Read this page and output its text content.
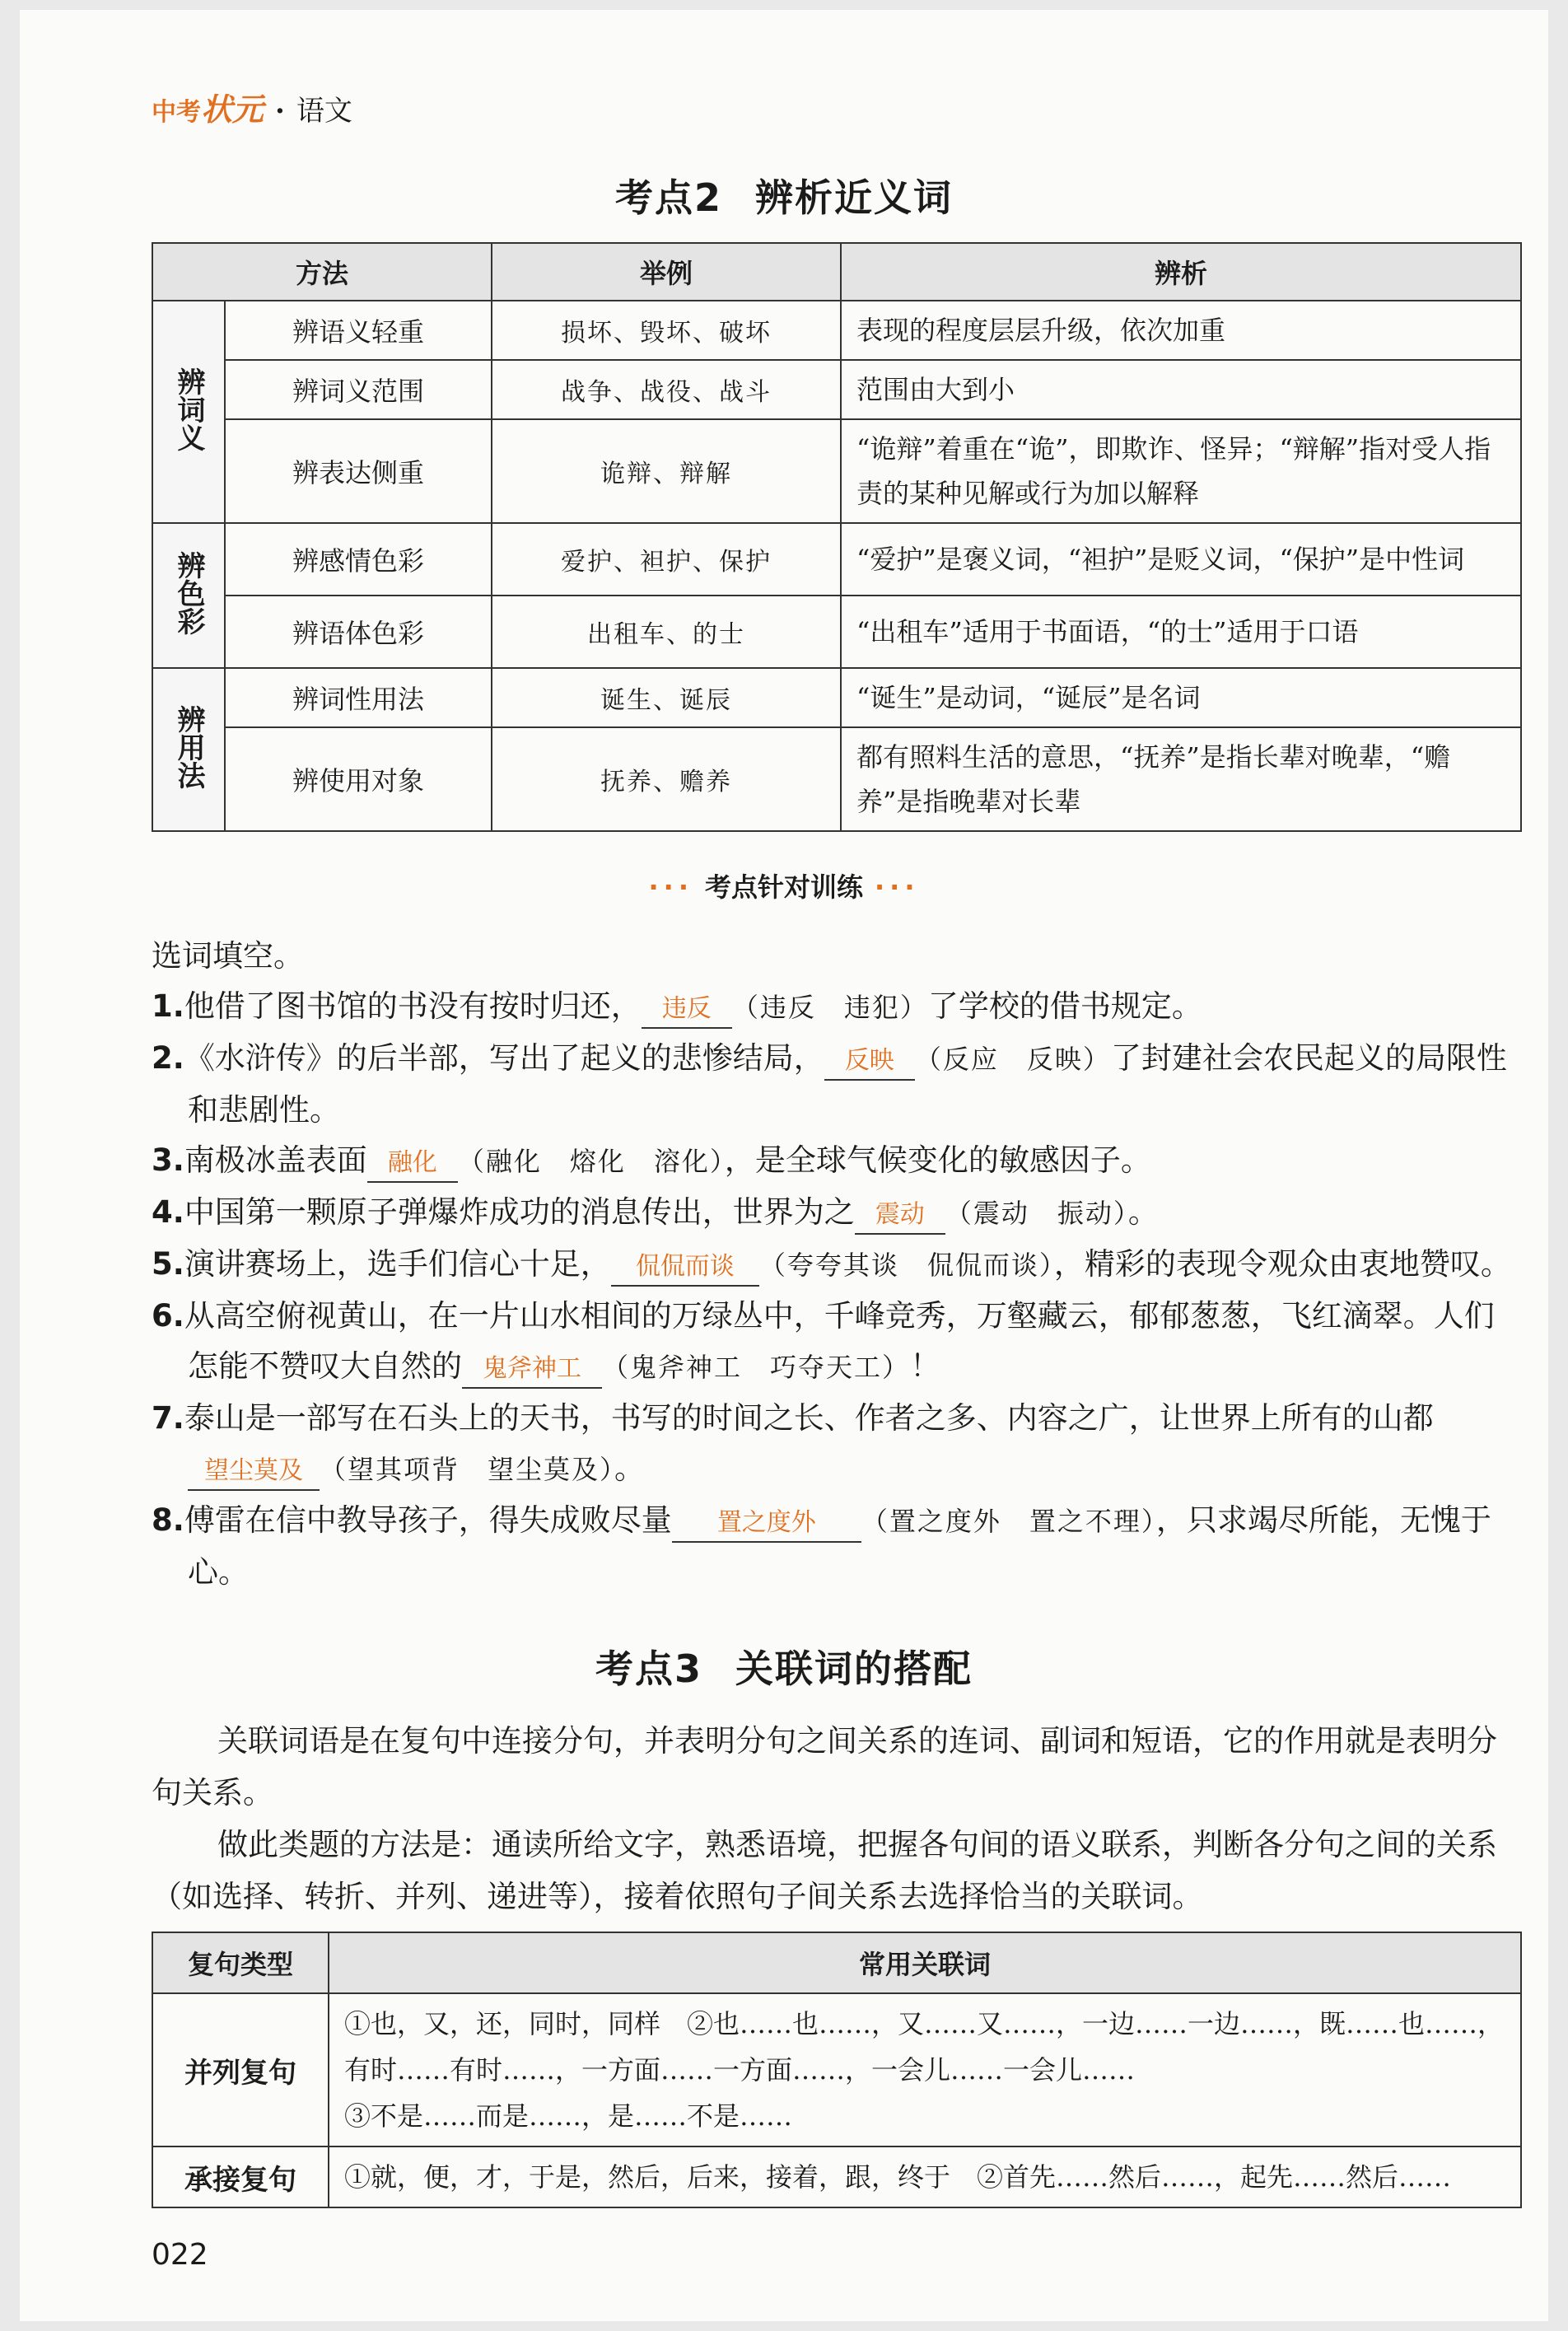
中考状元 · 语文
考点2 辨析近义词
方法		举例	辨析
辨词义	辨语义轻重	损坏、毁坏、破坏	表现的程度层层升级，依次加重
	辨词义范围	战争、战役、战斗	范围由大到小
	辨表达侧重	诡辩、辩解	“诡辩”着重在“诡”，即欺诈、怪异；“辩解”指对受人指责的某种见解或行为加以解释
辨色彩	辨感情色彩	爱护、袒护、保护	“爱护”是褒义词，“袒护”是贬义词，“保护”是中性词
	辨语体色彩	出租车、的士	“出租车”适用于书面语，“的士”适用于口语
辨用法	辨词性用法	诞生、诞辰	“诞生”是动词，“诞辰”是名词
	辨使用对象	抚养、赡养	都有照料生活的意思，“抚养”是指长辈对晚辈，“赡养”是指晚辈对长辈
··· 考点针对训练 ···

选词填空。

1.他借了图书馆的书没有按时归还， 违反 （违反　违犯）了学校的借书规定。

2.《水浒传》的后半部，写出了起义的悲惨结局， 反映 （反应　反映）了封建社会农民起义的局限性和悲剧性。

3.南极冰盖表面 融化 （融化　熔化　溶化），是全球气候变化的敏感因子。

4.中国第一颗原子弹爆炸成功的消息传出，世界为之 震动 （震动　振动）。

5.演讲赛场上，选手们信心十足， 侃侃而谈 （夸夸其谈　侃侃而谈），精彩的表现令观众由衷地赞叹。

6.从高空俯视黄山，在一片山水相间的万绿丛中，千峰竞秀，万壑藏云，郁郁葱葱，飞红滴翠。人们怎能不赞叹大自然的 鬼斧神工 （鬼斧神工　巧夺天工）！

7.泰山是一部写在石头上的天书，书写的时间之长、作者之多、内容之广，让世界上所有的山都望尘莫及 （望其项背　望尘莫及）。

8.傅雷在信中教导孩子，得失成败尽量 置之度外 （置之度外　置之不理），只求竭尽所能，无愧于心。

考点3 关联词的搭配

关联词语是在复句中连接分句，并表明分句之间关系的连词、副词和短语，它的作用就是表明分句关系。

做此类题的方法是：通读所给文字，熟悉语境，把握各句间的语义联系，判断各分句之间的关系（如选择、转折、并列、递进等），接着依照句子间关系去选择恰当的关联词。

复句类型	常用关联词
并列复句	①也，又，还，同时，同样　②也……也……，又……又……，一边……一边……，既……也……，有时……有时……，一方面……一方面……，一会儿……一会儿……
③不是……而是……，是……不是……

承接复句	①就，便，才，于是，然后，后来，接着，跟，终于　②首先……然后……，起先……然后……
022
